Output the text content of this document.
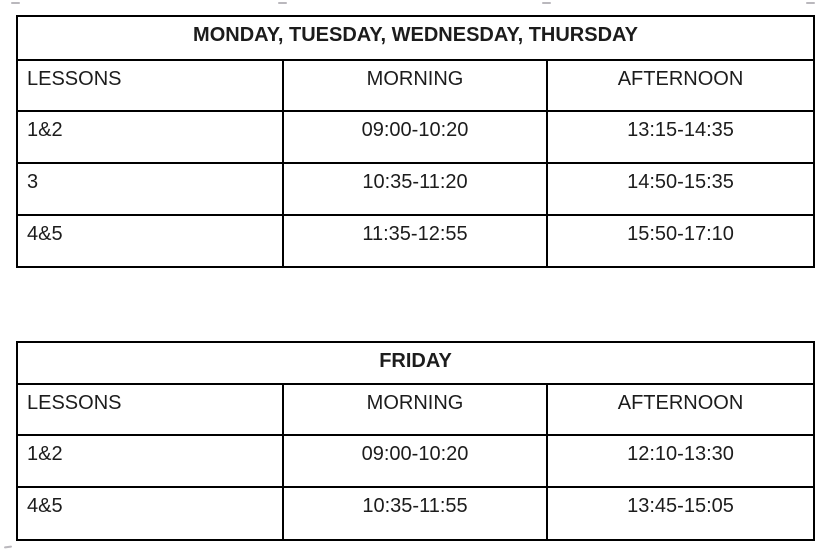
MONDAY, TUESDAY, WEDNESDAY, THURSDAY		
LESSONS	MORNING	AFTERNOON
1&2	09:00-10:20	13:15-14:35
3	10:35-11:20	14:50-15:35
4&5	11:35-12:55	15:50-17:10
FRIDAY		
LESSONS	MORNING	AFTERNOON
1&2	09:00-10:20	12:10-13:30
4&5	10:35-11:55	13:45-15:05
